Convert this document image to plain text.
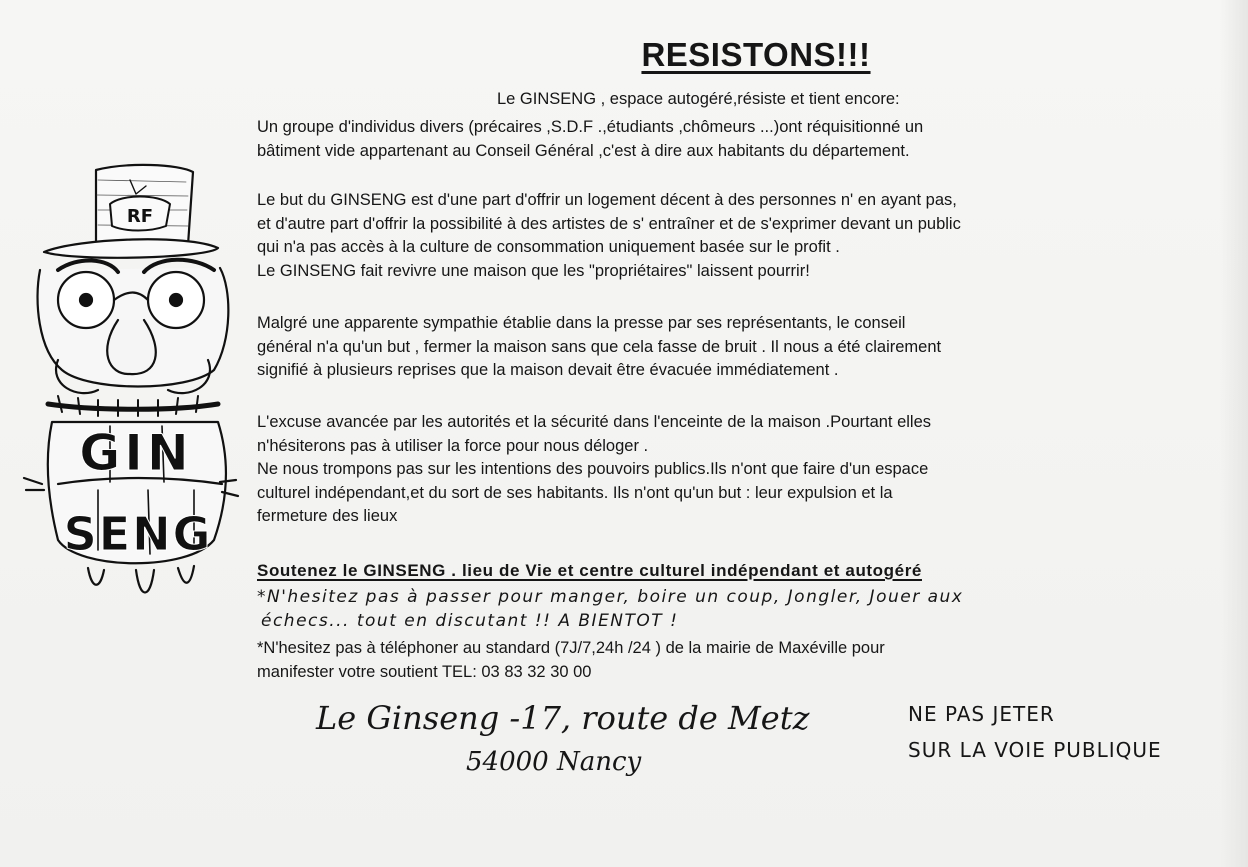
RF
GIN
SENG
RESISTONS!!!

Le GINSENG , espace autogéré,résiste et tient encore:

Un groupe d'individus divers (précaires ,S.D.F .,étudiants ,chômeurs ...)ont réquisitionné un
bâtiment vide appartenant au Conseil Général ,c'est à dire aux habitants du département.

Le but du GINSENG est d'une part d'offrir un logement décent à des personnes n' en ayant pas,
et d'autre part d'offrir la possibilité à des artistes de s' entraîner et de s'exprimer devant un public
qui n'a pas accès à la culture de consommation uniquement basée sur le profit .
Le GINSENG fait revivre une maison que les "propriétaires" laissent pourrir!

Malgré une apparente sympathie établie dans la presse par ses représentants, le conseil
général n'a qu'un but , fermer la maison sans que cela fasse de bruit . Il nous a été clairement
signifié à plusieurs reprises que la maison devait être évacuée immédiatement .

L'excuse avancée par les autorités et la sécurité dans l'enceinte de la maison .Pourtant elles
n'hésiterons pas à utiliser la force pour nous déloger .
Ne nous trompons pas sur les intentions des pouvoirs publics.Ils n'ont que faire d'un espace
culturel indépendant,et du sort de ses habitants. Ils n'ont qu'un but : leur expulsion et la
fermeture des lieux

Soutenez le GINSENG . lieu de Vie et centre culturel indépendant et autogéré

*N'hesitez pas à passer pour manger, boire un coup, Jongler, Jouer aux
échecs... tout en discutant !! A BIENTOT !

*N'hesitez pas à téléphoner au standard (7J/7,24h /24 ) de la mairie de Maxéville pour
manifester votre soutient TEL: 03 83 32 30 00

Le Ginseng -17, route de Metz
54000 Nancy
NE PAS JETER
SUR LA VOIE PUBLIQUE
